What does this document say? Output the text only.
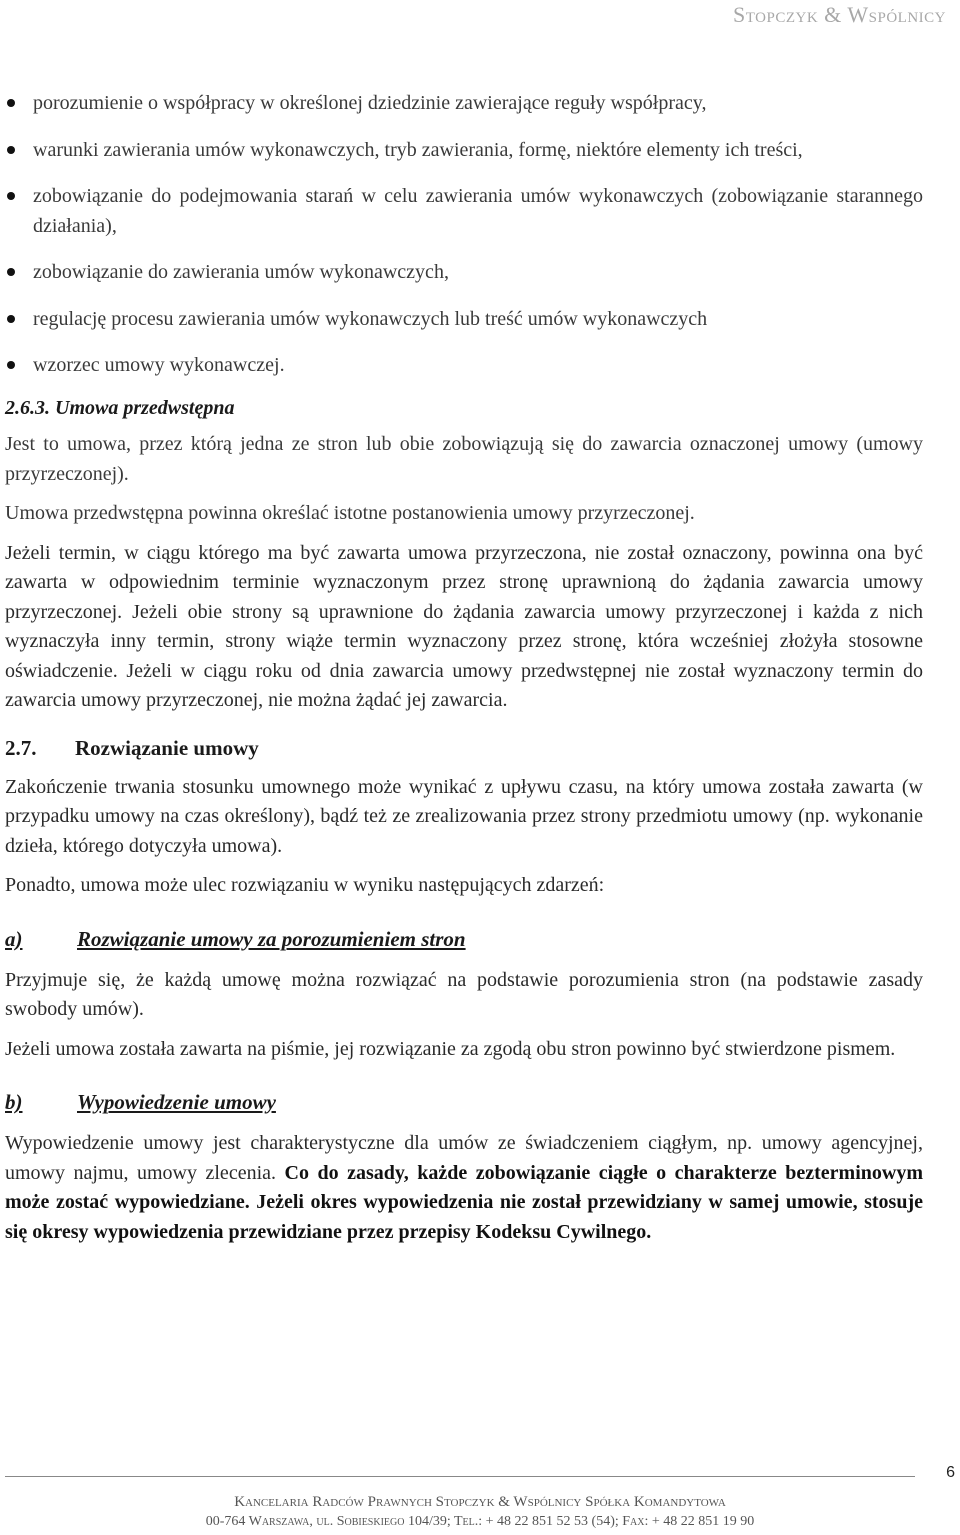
Stopczyk & Wspólnicy
porozumienie o współpracy w określonej dziedzinie zawierające reguły współpracy,
warunki zawierania umów wykonawczych, tryb zawierania, formę, niektóre elementy ich treści,
zobowiązanie do podejmowania starań w celu zawierania umów wykonawczych (zobowiązanie starannego działania),
zobowiązanie do zawierania umów wykonawczych,
regulację procesu zawierania umów wykonawczych lub treść umów wykonawczych
wzorzec umowy wykonawczej.
2.6.3. Umowa przedwstępna

Jest to umowa, przez którą jedna ze stron lub obie zobowiązują się do zawarcia oznaczonej umowy (umowy przyrzeczonej).

Umowa przedwstępna powinna określać istotne postanowienia umowy przyrzeczonej.

Jeżeli termin, w ciągu którego ma być zawarta umowa przyrzeczona, nie został oznaczony, powinna ona być zawarta w odpowiednim terminie wyznaczonym przez stronę uprawnioną do żądania zawarcia umowy przyrzeczonej. Jeżeli obie strony są uprawnione do żądania zawarcia umowy przyrzeczonej i każda z nich wyznaczyła inny termin, strony wiąże termin wyznaczony przez stronę, która wcześniej złożyła stosowne oświadczenie. Jeżeli w ciągu roku od dnia zawarcia umowy przedwstępnej nie został wyznaczony termin do zawarcia umowy przyrzeczonej, nie można żądać jej zawarcia.

2.7. Rozwiązanie umowy

Zakończenie trwania stosunku umownego może wynikać z upływu czasu, na który umowa została zawarta (w przypadku umowy na czas określony), bądź też ze zrealizowania przez strony przedmiotu umowy (np. wykonanie dzieła, którego dotyczyła umowa).

Ponadto, umowa może ulec rozwiązaniu w wyniku następujących zdarzeń:

a)	Rozwiązanie umowy za porozumieniem stron

Przyjmuje się, że każdą umowę można rozwiązać na podstawie porozumienia stron (na podstawie zasady swobody umów).

Jeżeli umowa została zawarta na piśmie, jej rozwiązanie za zgodą obu stron powinno być stwierdzone pismem.

b)	Wypowiedzenie umowy

Wypowiedzenie umowy jest charakterystyczne dla umów ze świadczeniem ciągłym, np. umowy agencyjnej, umowy najmu, umowy zlecenia. Co do zasady, każde zobowiązanie ciągłe o charakterze bezterminowym może zostać wypowiedziane. Jeżeli okres wypowiedzenia nie został przewidziany w samej umowie, stosuje się okresy wypowiedzenia przewidziane przez przepisy Kodeksu Cywilnego.

6
Kancelaria Radców Prawnych Stopczyk & Wspólnicy Spółka Komandytowa
00-764 Warszawa, ul. Sobieskiego 104/39; Tel.: + 48 22 851 52 53 (54); Fax: + 48 22 851 19 90
